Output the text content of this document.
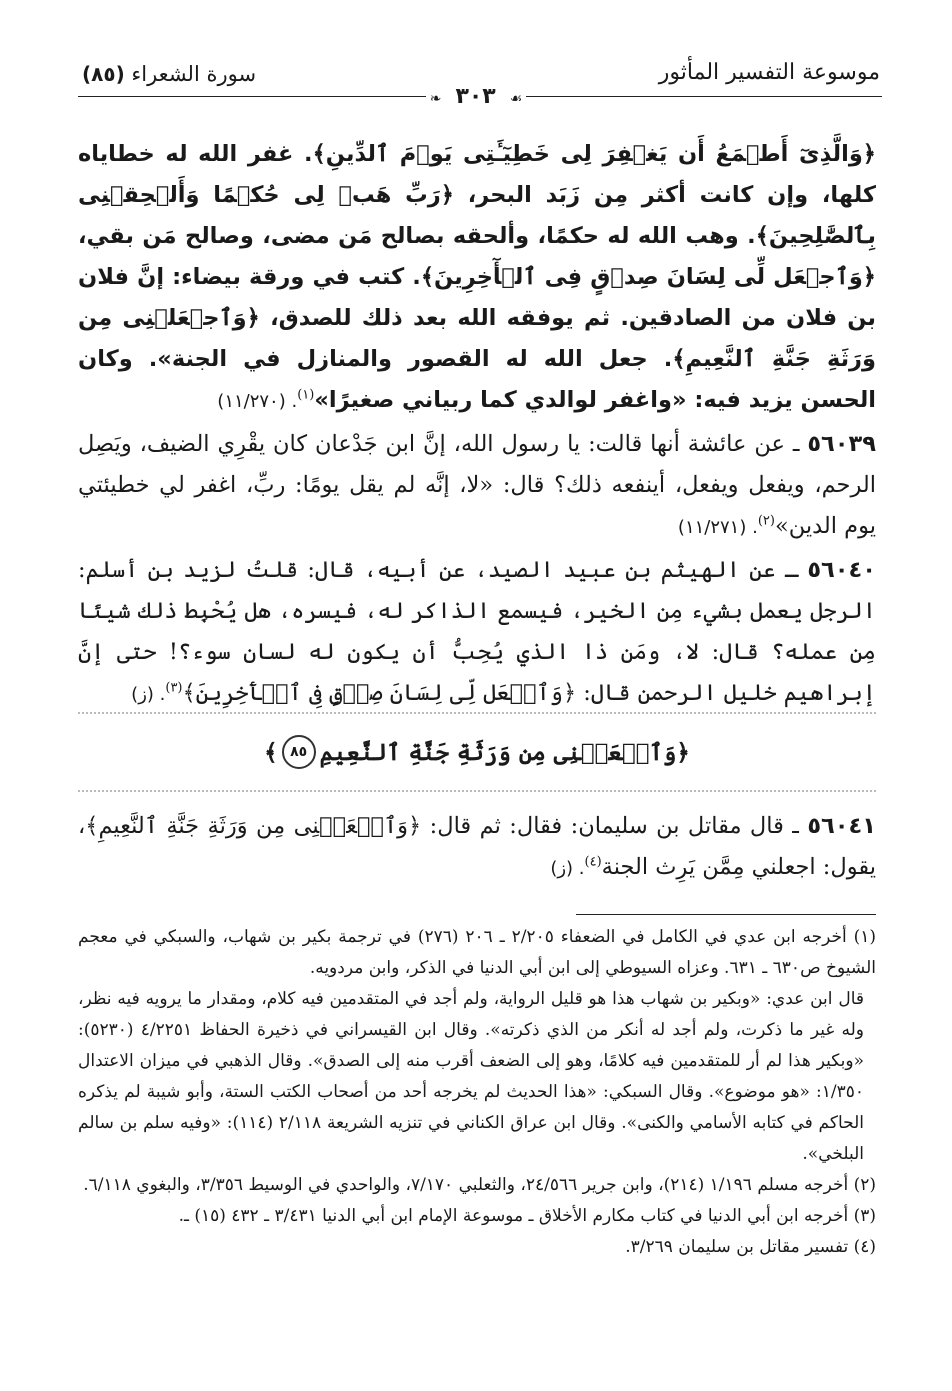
موسوعة التفسير المأثور
سورة الشعراء (٨٥)
❧ ٣٠٣ ☙

﴿وَالَّذِىٓ أَطۡمَعُ أَن يَغۡفِرَ لِى خَطِيٓـَٔتِى يَوۡمَ ٱلدِّينِ﴾. غفر الله له خطاياه كلها، وإن كانت أكثر مِن زَبَد البحر، ﴿رَبِّ هَبۡ لِى حُكۡمًا وَأَلۡحِقۡنِى بِٱلصَّٰلِحِينَ﴾. وهب الله له حكمًا، وألحقه بصالح مَن مضى، وصالح مَن بقي، ﴿وَٱجۡعَل لِّى لِسَانَ صِدۡقٍ فِى ٱلۡأٓخِرِينَ﴾. كتب في ورقة بيضاء: إنَّ فلان بن فلان من الصادقين. ثم يوفقه الله بعد ذلك للصدق، ﴿وَٱجۡعَلۡنِى مِن وَرَثَةِ جَنَّةِ ٱلنَّعِيمِ﴾. جعل الله له القصور والمنازل في الجنة». وكان الحسن يزيد فيه: «واغفر لوالدي كما ربياني صغيرًا»$^{(١)}$. (١١/٢٧٠)

٥٦٠٣٩ ـ عن عائشة أنها قالت: يا رسول الله، إنَّ ابن جَدْعان كان يقْرِي الضيف، ويَصِل الرحم، ويفعل ويفعل، أينفعه ذلك؟ قال: «لا، إنَّه لم يقل يومًا: ربِّ، اغفر لي خطيئتي يوم الدين»$^{(٢)}$. (١١/٢٧١)

٥٦٠٤٠ ـ عن الهيثم بن عبيد الصيد، عن أبيه، قال: قلتُ لزيد بن أسلم: الرجل يعمل بشيء مِن الخير، فيسمع الذاكر له، فيسره، هل يُحْبِط ذلك شيئًا مِن عمله؟ قال: لا، ومَن ذا الذي يُحِبُّ أن يكون له لسان سوء؟! حتى إنَّ إبراهيم خليل الرحمن قال: ﴿وَٱجۡعَل لِّى لِسَانَ صِدۡقٍ فِى ٱلۡأٓخِرِينَ﴾$^{(٣)}$. (ز)

﴿وَٱجۡعَلۡنِى مِن وَرَثَةِ جَنَّةِ ٱلنَّعِيمِ
٨٥
﴾

٥٦٠٤١ ـ قال مقاتل بن سليمان: فقال: ثم قال: ﴿وَٱجۡعَلۡنِى مِن وَرَثَةِ جَنَّةِ ٱلنَّعِيمِ﴾، يقول: اجعلني مِمَّن يَرِث الجنة$^{(٤)}$. (ز)

(١) أخرجه ابن عدي في الكامل في الضعفاء ٢/٢٠٥ ـ ٢٠٦ (٢٧٦) في ترجمة بكير بن شهاب، والسبكي في معجم الشيوخ ص٦٣٠ ـ ٦٣١. وعزاه السيوطي إلى ابن أبي الدنيا في الذكر، وابن مردويه.

قال ابن عدي: «وبكير بن شهاب هذا هو قليل الرواية، ولم أجد في المتقدمين فيه كلام، ومقدار ما يرويه فيه نظر، وله غير ما ذكرت، ولم أجد له أنكر من الذي ذكرته». وقال ابن القيسراني في ذخيرة الحفاظ ٤/٢٢٥١ (٥٢٣٠): «وبكير هذا لم أر للمتقدمين فيه كلامًا، وهو إلى الضعف أقرب منه إلى الصدق». وقال الذهبي في ميزان الاعتدال ١/٣٥٠: «هو موضوع». وقال السبكي: «هذا الحديث لم يخرجه أحد من أصحاب الكتب الستة، وأبو شيبة لم يذكره الحاكم في كتابه الأسامي والكنى». وقال ابن عراق الكناني في تنزيه الشريعة ٢/١١٨ (١١٤): «وفيه سلم بن سالم البلخي».

(٢) أخرجه مسلم ١/١٩٦ (٢١٤)، وابن جرير ٢٤/٥٦٦، والثعلبي ٧/١٧٠، والواحدي في الوسيط ٣/٣٥٦، والبغوي ٦/١١٨.

(٣) أخرجه ابن أبي الدنيا في كتاب مكارم الأخلاق ـ موسوعة الإمام ابن أبي الدنيا ٣/٤٣١ ـ ٤٣٢ (١٥) ـ.

(٤) تفسير مقاتل بن سليمان ٣/٢٦٩.
